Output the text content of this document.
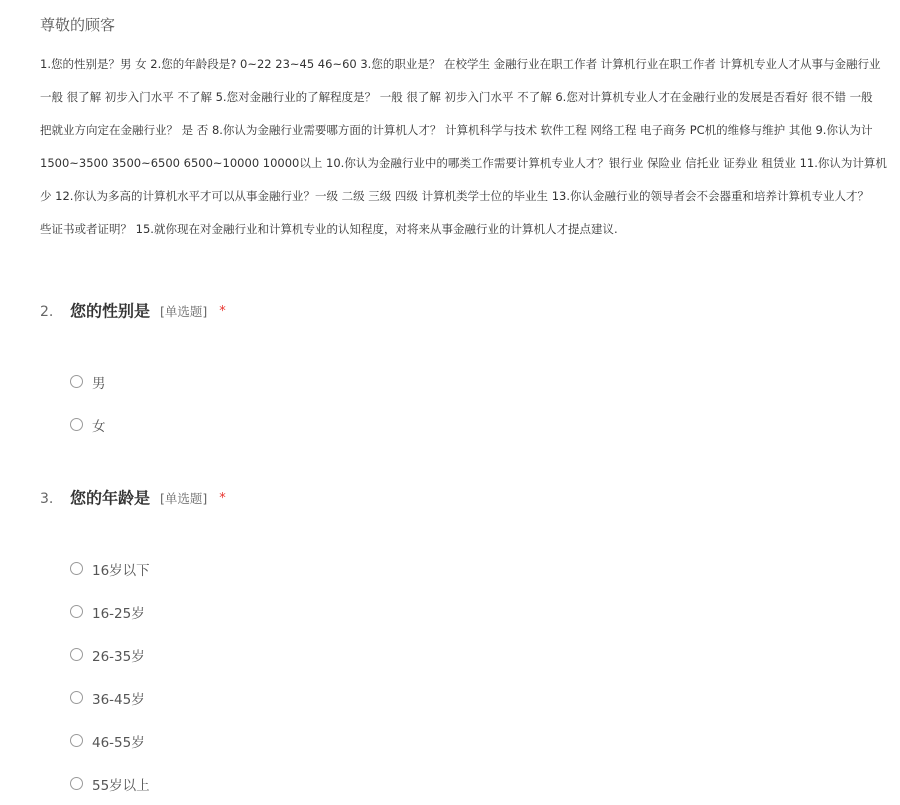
尊敬的顾客
1.您的性别是？男 女 2.您的年龄段是? 0~22 23~45 46~60 3.您的职业是？ 在校学生 金融行业在职工作者 计算机行业在职工作者 计算机专业人才从事与金融行业
一般 很了解 初步入门水平 不了解 5.您对金融行业的了解程度是？ 一般 很了解 初步入门水平 不了解 6.您对计算机专业人才在金融行业的发展是否看好 很不错 一般
把就业方向定在金融行业？ 是 否 8.你认为金融行业需要哪方面的计算机人才？ 计算机科学与技术 软件工程 网络工程 电子商务 PC机的维修与维护 其他 9.你认为计
1500~3500 3500~6500 6500~10000 10000以上 10.你认为金融行业中的哪类工作需要计算机专业人才？银行业 保险业 信托业 证券业 租赁业 11.你认为计算机
少 12.你认为多高的计算机水平才可以从事金融行业？一级 二级 三级 四级 计算机类学士位的毕业生 13.你认金融行业的领导者会不会器重和培养计算机专业人才？
些证书或者证明？ 15.就你现在对金融行业和计算机专业的认知程度，对将来从事金融行业的计算机人才提点建议.
2. 您的性别是 [单选题] *
男
女
3. 您的年龄是 [单选题] *
16岁以下
16-25岁
26-35岁
36-45岁
46-55岁
55岁以上
